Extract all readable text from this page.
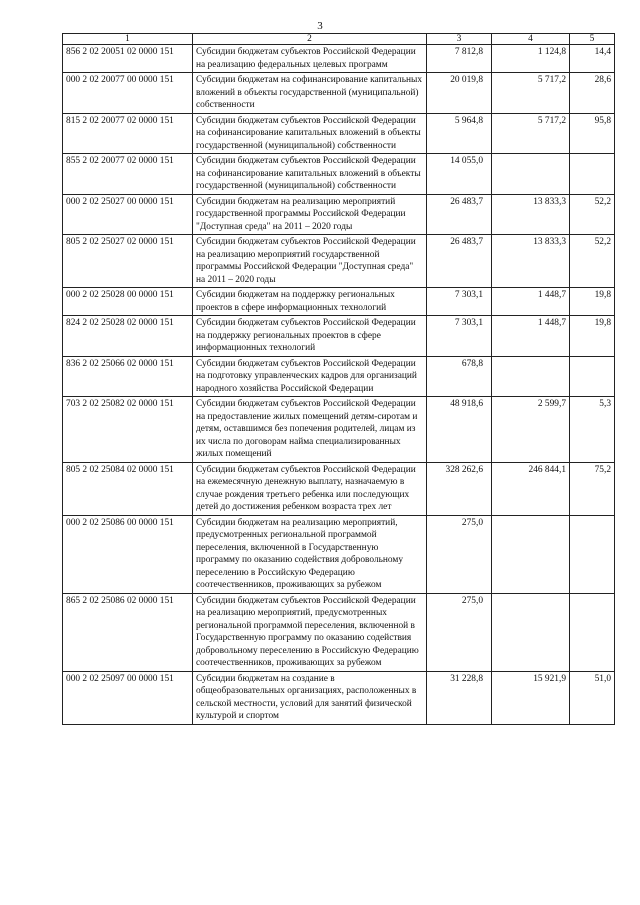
3
1	2	3	4	5
856 2 02 20051 02 0000 151	Субсидии бюджетам субъектов Российской Федерации на реализацию федеральных целевых программ	7 812,8	1 124,8	14,4
000 2 02 20077 00 0000 151	Субсидии бюджетам на софинансирование капитальных вложений в объекты государственной (муниципальной) собственности	20 019,8	5 717,2	28,6
815 2 02 20077 02 0000 151	Субсидии бюджетам субъектов Российской Федерации на софинансирование капитальных вложений в объекты государственной (муниципальной) собственности	5 964,8	5 717,2	95,8
855 2 02 20077 02 0000 151	Субсидии бюджетам субъектов Российской Федерации на софинансирование капитальных вложений в объекты государственной (муниципальной) собственности	14 055,0		
000 2 02 25027 00 0000 151	Субсидии бюджетам на реализацию мероприятий государственной программы Российской Федерации "Доступная среда" на 2011 – 2020 годы	26 483,7	13 833,3	52,2
805 2 02 25027 02 0000 151	Субсидии бюджетам субъектов Российской Федерации на реализацию мероприятий государственной программы Российской Федерации "Доступная среда" на 2011 – 2020 годы	26 483,7	13 833,3	52,2
000 2 02 25028 00 0000 151	Субсидии бюджетам на поддержку региональных проектов в сфере информационных технологий	7 303,1	1 448,7	19,8
824 2 02 25028 02 0000 151	Субсидии бюджетам субъектов Российской Федерации на поддержку региональных проектов в сфере информационных технологий	7 303,1	1 448,7	19,8
836 2 02 25066 02 0000 151	Субсидии бюджетам субъектов Российской Федерации на подготовку управленческих кадров для организаций народного хозяйства Российской Федерации	678,8		
703 2 02 25082 02 0000 151	Субсидии бюджетам субъектов Российской Федерации на предоставление жилых помещений детям-сиротам и детям, оставшимся без попечения родителей, лицам из их числа по договорам найма специализированных жилых помещений	48 918,6	2 599,7	5,3
805 2 02 25084 02 0000 151	Субсидии бюджетам субъектов Российской Федерации на ежемесячную денежную выплату, назначаемую в случае рождения третьего ребенка или последующих детей до достижения ребенком возраста трех лет	328 262,6	246 844,1	75,2
000 2 02 25086 00 0000 151	Субсидии бюджетам на реализацию мероприятий, предусмотренных региональной программой переселения, включенной в Государственную программу по оказанию содействия добровольному переселению в Российскую Федерацию соотечественников, проживающих за рубежом	275,0		
865 2 02 25086 02 0000 151	Субсидии бюджетам субъектов Российской Федерации на реализацию мероприятий, предусмотренных региональной программой переселения, включенной в Государственную программу по оказанию содействия добровольному переселению в Российскую Федерацию соотечественников, проживающих за рубежом	275,0		
000 2 02 25097 00 0000 151	Субсидии бюджетам на создание в общеобразовательных организациях, расположенных в сельской местности, условий для занятий физической культурой и спортом	31 228,8	15 921,9	51,0
